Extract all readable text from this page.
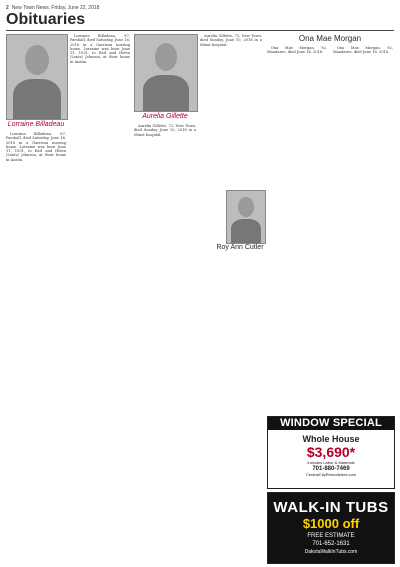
2 New Town News, Friday, June 22, 2018
Obituaries
Lorraine Billadeau

Lorraine Billadeau, 87, Parshall, died Saturday, June 16, 2018 in a Garrison nursing home. Lorraine was born June 11, 1931, to Earl and Helen (Lentz) Johnson, at their home in Austin.

Lorraine Billadeau, 87, Parshall, died Saturday, June 16, 2018 in a Garrison nursing home. Lorraine was born June 11, 1931, to Earl and Helen (Lentz) Johnson, at their home in Austin.

Aurelia Gillette

Aurelia Gillette, 72, New Town, died Sunday, June 10, 2018 in a Minot hospital.

Aurelia Gillette, 72, New Town, died Sunday, June 10, 2018 in a Minot hospital.

Roy Ann Cutler
Ona Mae Morgan

Ona Mae Morgan, 92, Mandaree, died June 16, 2018.

Ona Mae Morgan, 92, Mandaree, died June 16, 2018.

WINDOW SPECIAL
Whole House
$3,690*
Includes Labor & Materials
701-880-7469
CentralCityRemodelers.com
WALK-IN TUBS
$1000 off
FREE ESTIMATE
701-652-1631
DakotaWalkInTubs.com
